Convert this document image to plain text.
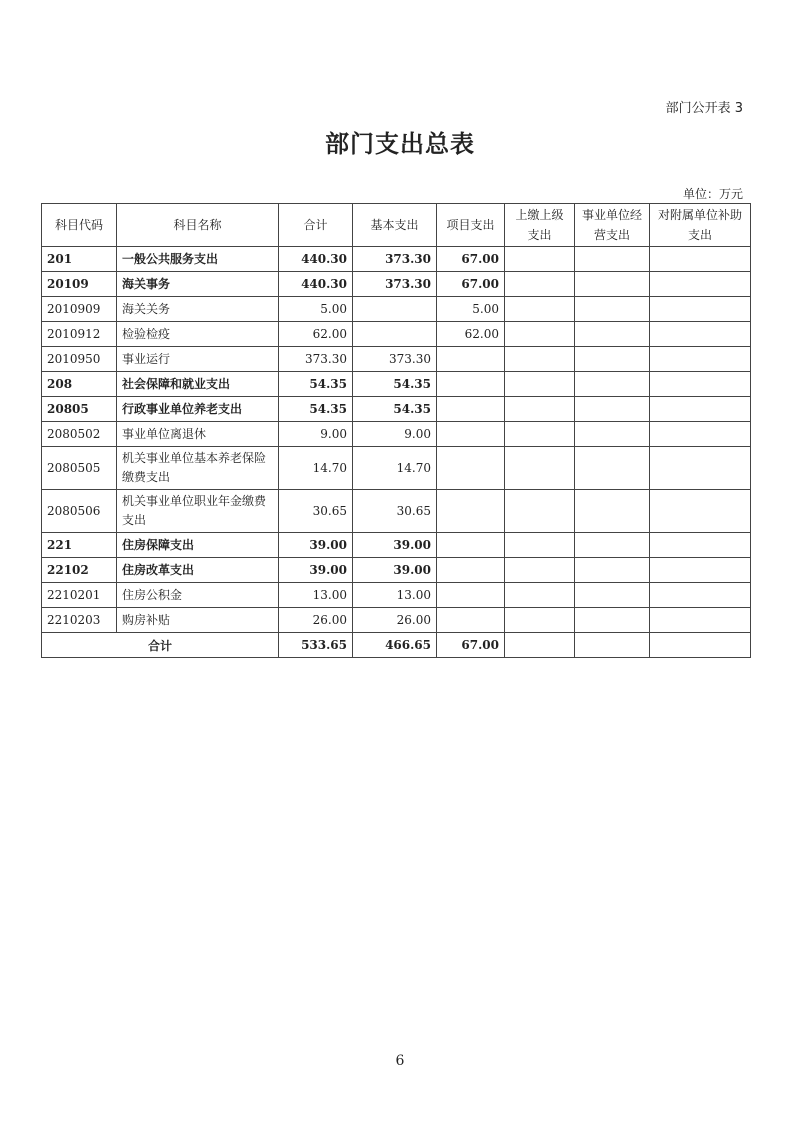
部门公开表 3
部门支出总表
单位：万元
科目代码	科目名称	合计	基本支出	项目支出	上缴上级支出	事业单位经营支出	对附属单位补助支出
201	一般公共服务支出	440.30	373.30	67.00			
20109	海关事务	440.30	373.30	67.00			
2010909	海关关务	5.00		5.00			
2010912	检验检疫	62.00		62.00			
2010950	事业运行	373.30	373.30				
208	社会保障和就业支出	54.35	54.35				
20805	行政事业单位养老支出	54.35	54.35				
2080502	事业单位离退休	9.00	9.00				
2080505	机关事业单位基本养老保险缴费支出	14.70	14.70				
2080506	机关事业单位职业年金缴费支出	30.65	30.65				
221	住房保障支出	39.00	39.00				
22102	住房改革支出	39.00	39.00				
2210201	住房公积金	13.00	13.00				
2210203	购房补贴	26.00	26.00				
合计		533.65	466.65	67.00			
6
